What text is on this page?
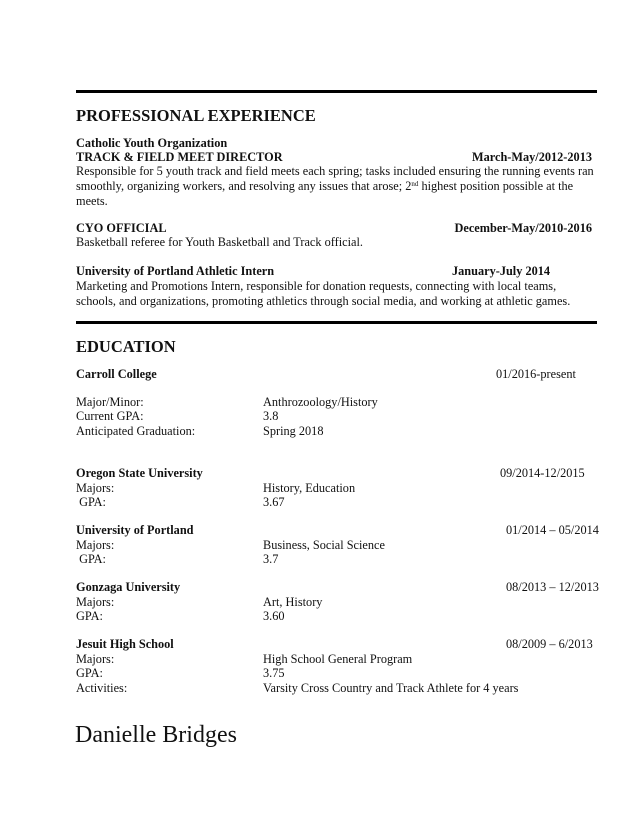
PROFESSIONAL EXPERIENCE
Catholic Youth Organization
TRACK & FIELD MEET DIRECTOR	March-May/2012-2013
Responsible for 5 youth track and field meets each spring; tasks included ensuring the running events ran smoothly, organizing workers, and resolving any issues that arose; 2nd highest position possible at the meets.
CYO OFFICIAL	December-May/2010-2016
Basketball referee for Youth Basketball and Track official.
University of Portland Athletic Intern	January-July 2014
Marketing and Promotions Intern, responsible for donation requests, connecting with local teams, schools, and organizations, promoting athletics through social media, and working at athletic games.
EDUCATION
Carroll College	01/2016-present
Major/Minor:	Anthrozoology/History
Current GPA:	3.8
Anticipated Graduation:	Spring 2018
Oregon State University	09/2014-12/2015
Majors:	History, Education
GPA:	3.67
University of Portland	01/2014 – 05/2014
Majors:	Business, Social Science
GPA:	3.7
Gonzaga University	08/2013 – 12/2013
Majors:	Art, History
GPA:	3.60
Jesuit High School	08/2009 – 6/2013
Majors:	High School General Program
GPA:	3.75
Activities:	Varsity Cross Country and Track Athlete for 4 years
Danielle Bridges
